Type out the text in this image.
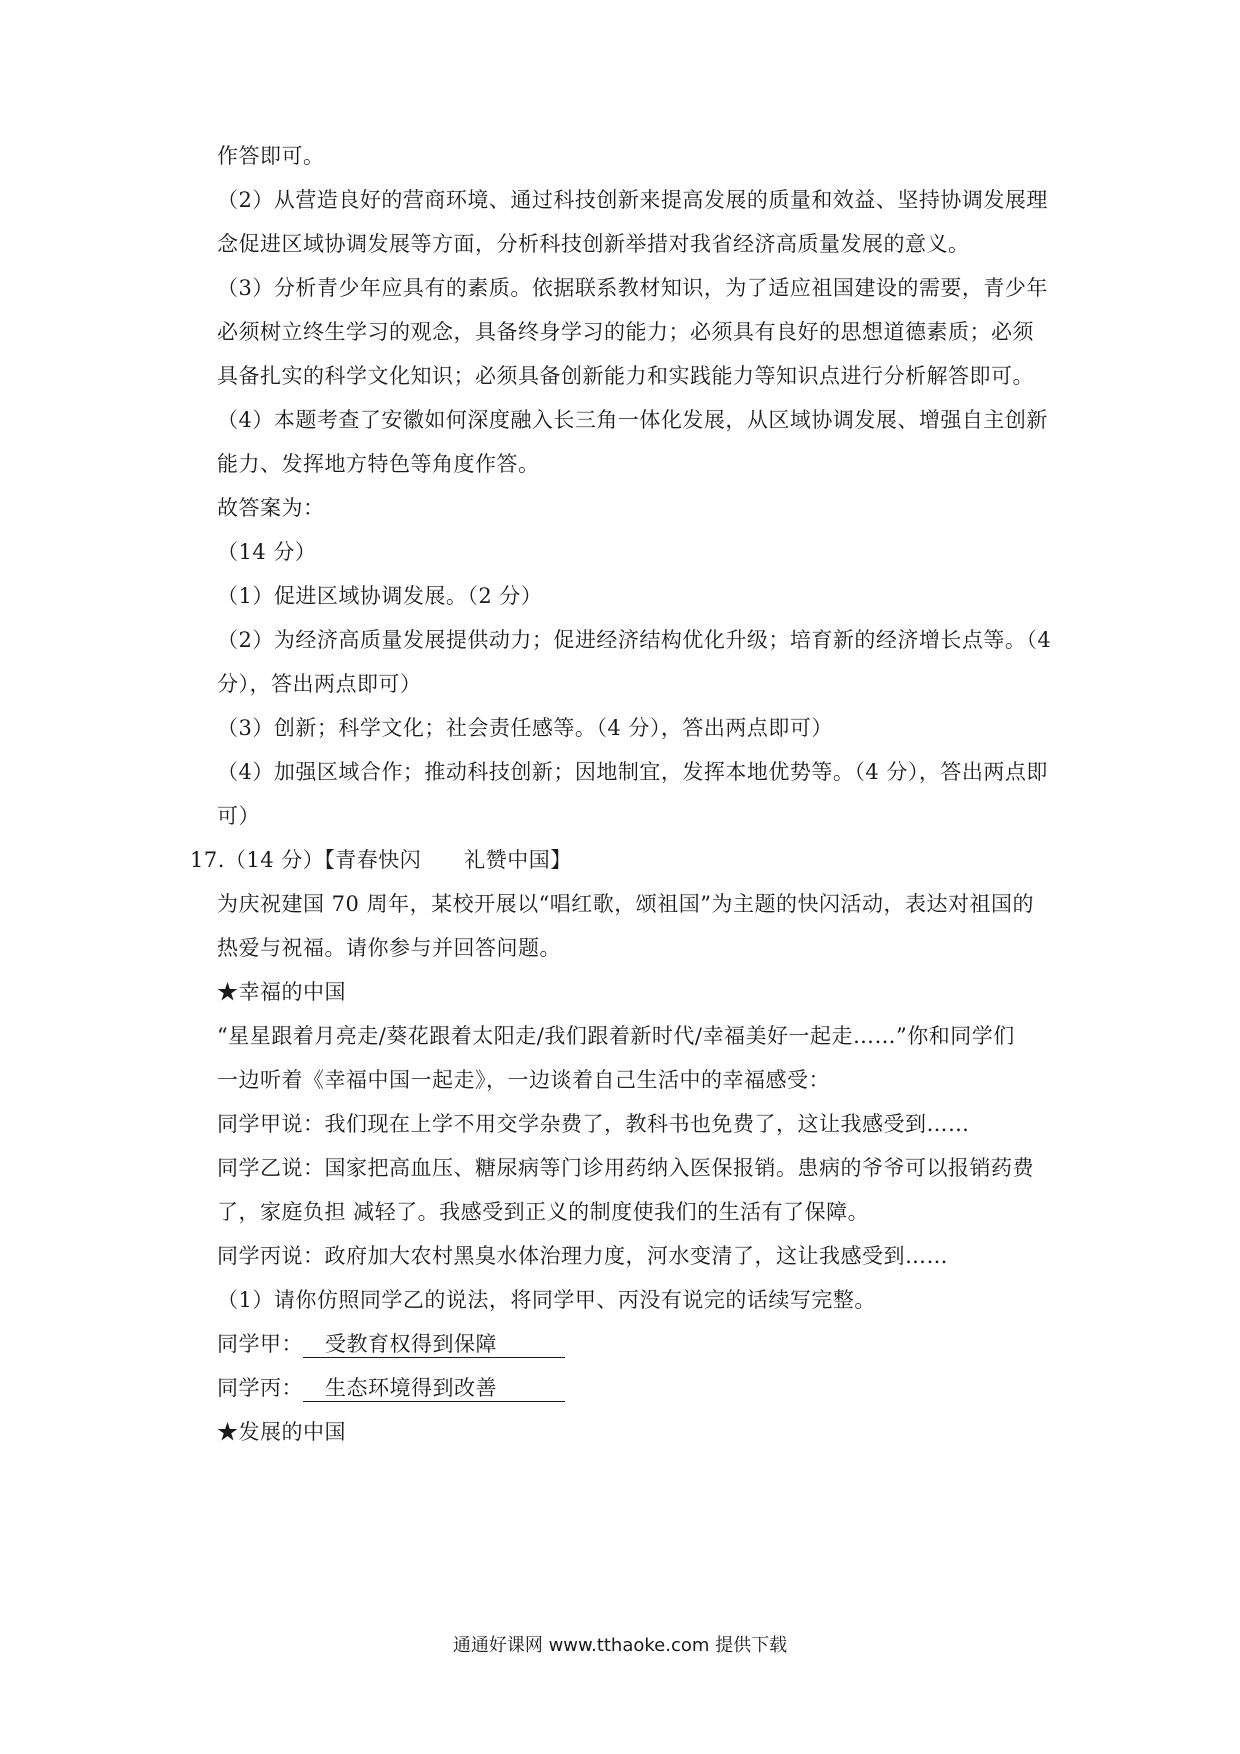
作答即可。
（2）从营造良好的营商环境、通过科技创新来提高发展的质量和效益、坚持协调发展理
念促进区域协调发展等方面，分析科技创新举措对我省经济高质量发展的意义。
（3）分析青少年应具有的素质。依据联系教材知识，为了适应祖国建设的需要，青少年
必须树立终生学习的观念，具备终身学习的能力；必须具有良好的思想道德素质；必须
具备扎实的科学文化知识；必须具备创新能力和实践能力等知识点进行分析解答即可。
（4）本题考查了安徽如何深度融入长三角一体化发展，从区域协调发展、增强自主创新
能力、发挥地方特色等角度作答。
故答案为：
（14 分）
（1）促进区域协调发展。（2 分）
（2）为经济高质量发展提供动力；促进经济结构优化升级；培育新的经济增长点等。（4
分），答出两点即可）
（3）创新；科学文化；社会责任感等。（4 分），答出两点即可）
（4）加强区域合作；推动科技创新；因地制宜，发挥本地优势等。（4 分），答出两点即
可）
17.（14 分）【青春快闪　　礼赞中国】
为庆祝建国 70 周年，某校开展以“唱红歌，颂祖国”为主题的快闪活动，表达对祖国的
热爱与祝福。请你参与并回答问题。
★幸福的中国
“星星跟着月亮走/葵花跟着太阳走/我们跟着新时代/幸福美好一起走……”你和同学们
一边听着《幸福中国一起走》，一边谈着自己生活中的幸福感受：
同学甲说：我们现在上学不用交学杂费了，教科书也免费了，这让我感受到……
同学乙说：国家把高血压、糖尿病等门诊用药纳入医保报销。患病的爷爷可以报销药费
了，家庭负担 减轻了。我感受到正义的制度使我们的生活有了保障。
同学丙说：政府加大农村黑臭水体治理力度，河水变清了，这让我感受到……
（1）请你仿照同学乙的说法，将同学甲、丙没有说完的话续写完整。
同学甲： 受教育权得到保障
同学丙： 生态环境得到改善
★发展的中国
通通好课网 www.tthaoke.com 提供下载
